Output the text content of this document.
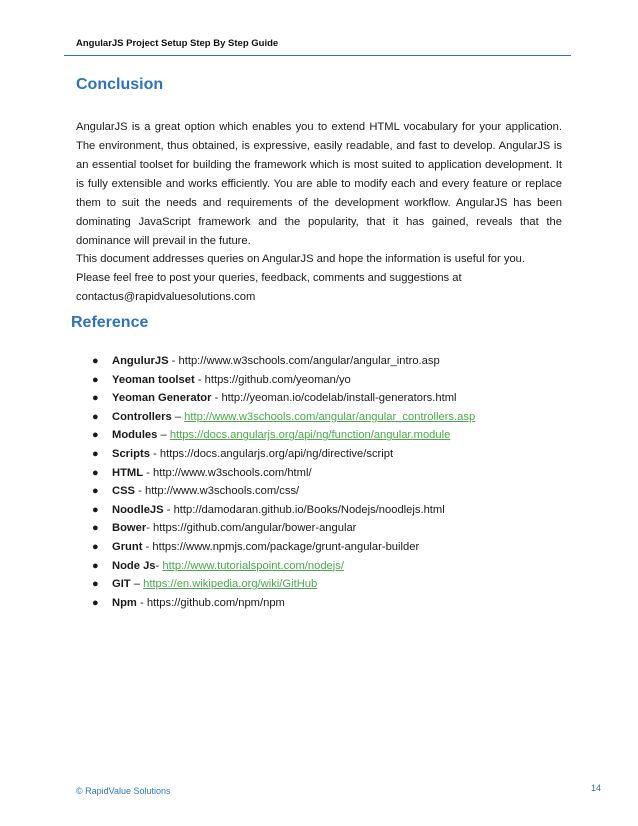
AngularJS Project Setup Step By Step Guide
Conclusion

AngularJS is a great option which enables you to extend HTML vocabulary for your application. The environment, thus obtained, is expressive, easily readable, and fast to develop. AngularJS is an essential toolset for building the framework which is most suited to application development. It is fully extensible and works efficiently. You are able to modify each and every feature or replace them to suit the needs and requirements of the development workflow. AngularJS has been dominating JavaScript framework and the popularity, that it has gained, reveals that the dominance will prevail in the future.

This document addresses queries on AngularJS and hope the information is useful for you.
Please feel free to post your queries, feedback, comments and suggestions at
contactus@rapidvaluesolutions.com
Reference
● AngulurJS - http://www.w3schools.com/angular/angular_intro.asp
● Yeoman toolset - https://github.com/yeoman/yo
● Yeoman Generator - http://yeoman.io/codelab/install-generators.html
● Controllers – http://www.w3schools.com/angular/angular_controllers.asp
● Modules – https://docs.angularjs.org/api/ng/function/angular.module
● Scripts - https://docs.angularjs.org/api/ng/directive/script
● HTML - http://www.w3schools.com/html/
● CSS - http://www.w3schools.com/css/
● NoodleJS - http://damodaran.github.io/Books/Nodejs/noodlejs.html
● Bower- https://github.com/angular/bower-angular
● Grunt - https://www.npmjs.com/package/grunt-angular-builder
● Node Js- http://www.tutorialspoint.com/nodejs/
● GIT – https://en.wikipedia.org/wiki/GitHub
● Npm - https://github.com/npm/npm
© RapidValue Solutions	14
